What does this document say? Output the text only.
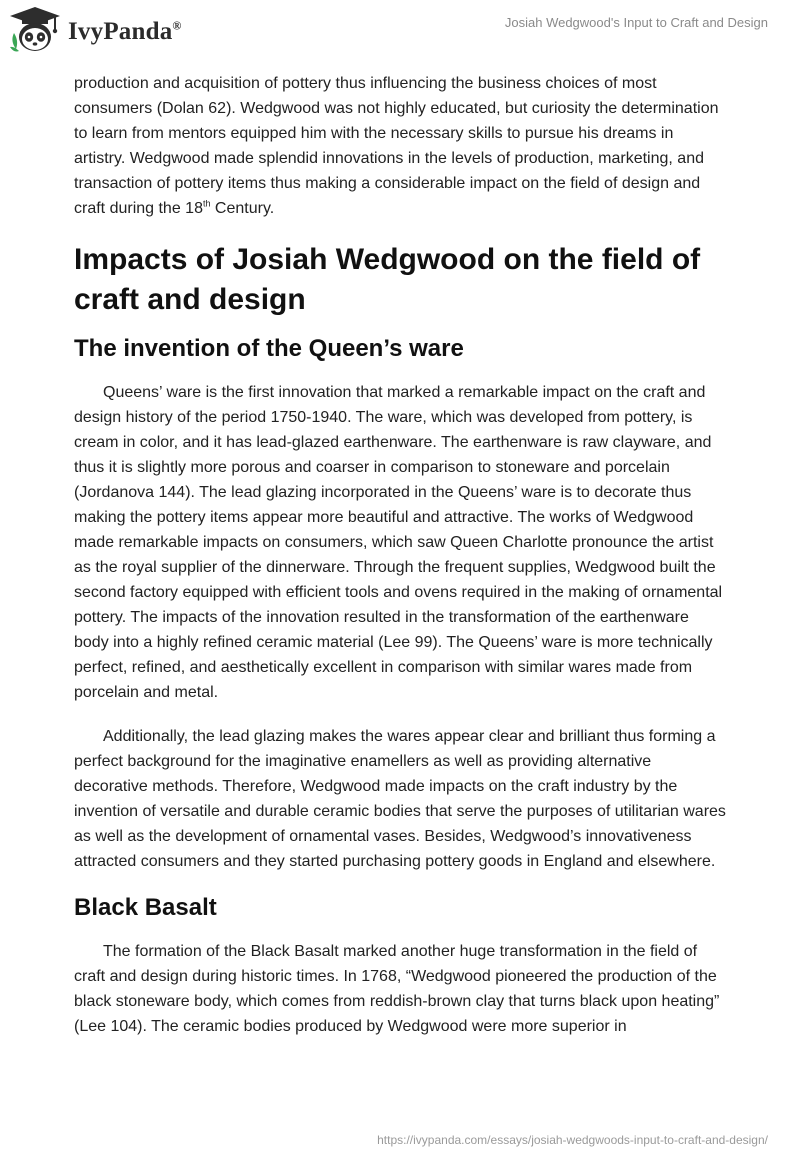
IvyPanda®	Josiah Wedgwood's Input to Craft and Design

production and acquisition of pottery thus influencing the business choices of most consumers (Dolan 62). Wedgwood was not highly educated, but curiosity the determination to learn from mentors equipped him with the necessary skills to pursue his dreams in artistry. Wedgwood made splendid innovations in the levels of production, marketing, and transaction of pottery items thus making a considerable impact on the field of design and craft during the 18th Century.

Impacts of Josiah Wedgwood on the field of craft and design
The invention of the Queen’s ware

Queens’ ware is the first innovation that marked a remarkable impact on the craft and design history of the period 1750-1940. The ware, which was developed from pottery, is cream in color, and it has lead-glazed earthenware. The earthenware is raw clayware, and thus it is slightly more porous and coarser in comparison to stoneware and porcelain (Jordanova 144). The lead glazing incorporated in the Queens’ ware is to decorate thus making the pottery items appear more beautiful and attractive. The works of Wedgwood made remarkable impacts on consumers, which saw Queen Charlotte pronounce the artist as the royal supplier of the dinnerware. Through the frequent supplies, Wedgwood built the second factory equipped with efficient tools and ovens required in the making of ornamental pottery. The impacts of the innovation resulted in the transformation of the earthenware body into a highly refined ceramic material (Lee 99). The Queens’ ware is more technically perfect, refined, and aesthetically excellent in comparison with similar wares made from porcelain and metal.

Additionally, the lead glazing makes the wares appear clear and brilliant thus forming a perfect background for the imaginative enamellers as well as providing alternative decorative methods. Therefore, Wedgwood made impacts on the craft industry by the invention of versatile and durable ceramic bodies that serve the purposes of utilitarian wares as well as the development of ornamental vases. Besides, Wedgwood’s innovativeness attracted consumers and they started purchasing pottery goods in England and elsewhere.

Black Basalt

The formation of the Black Basalt marked another huge transformation in the field of craft and design during historic times. In 1768, “Wedgwood pioneered the production of the black stoneware body, which comes from reddish-brown clay that turns black upon heating” (Lee 104). The ceramic bodies produced by Wedgwood were more superior in

https://ivypanda.com/essays/josiah-wedgwoods-input-to-craft-and-design/
